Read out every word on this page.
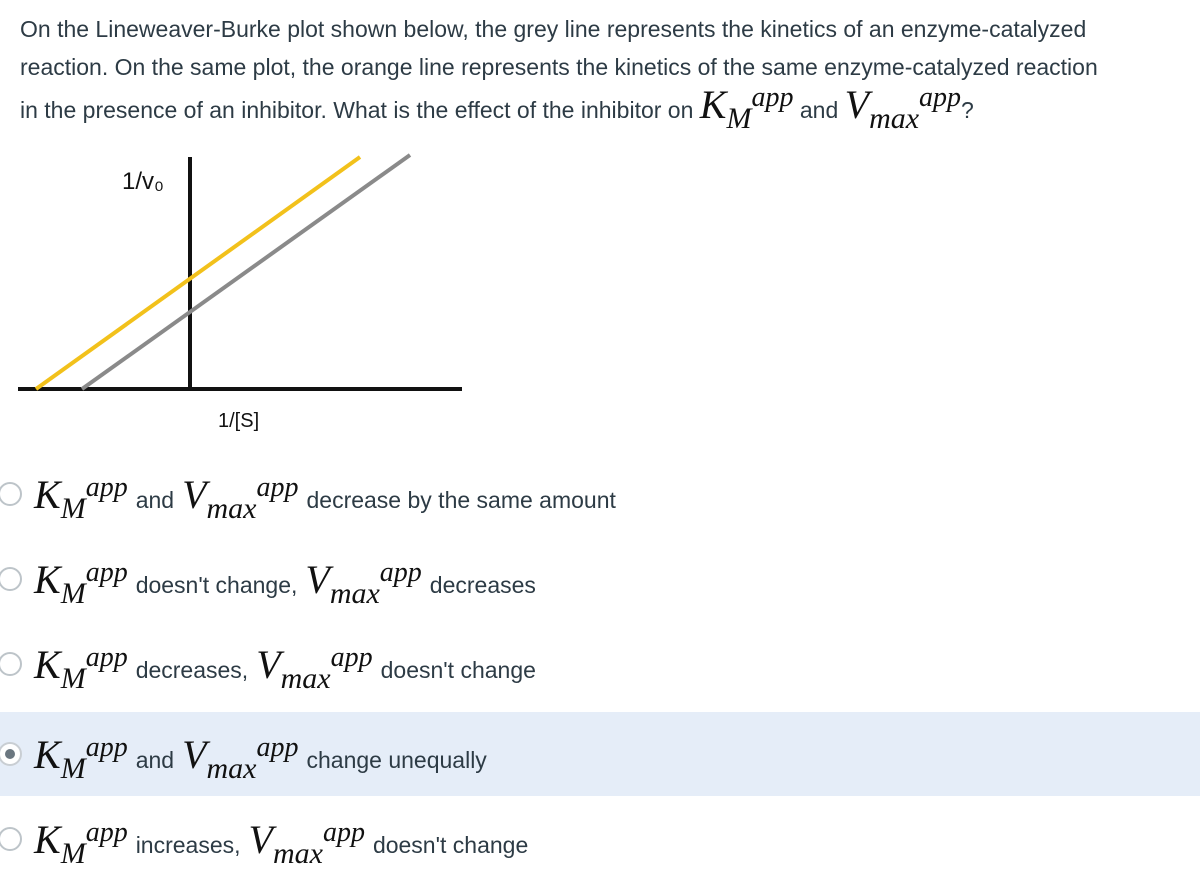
On the Lineweaver-Burke plot shown below, the grey line represents the kinetics of an enzyme-catalyzed
reaction. On the same plot, the orange line represents the kinetics of the same enzyme-catalyzed reaction
in the presence of an inhibitor. What is the effect of the inhibitor on $K_M^{app}$ and $V_{max}^{app}$?
1/v₀
1/[S]
$K_M^{app}$ and $V_{max}^{app}$ decrease by the same amount
$K_M^{app}$ doesn't change, $V_{max}^{app}$ decreases
$K_M^{app}$ decreases, $V_{max}^{app}$ doesn't change
$K_M^{app}$ and $V_{max}^{app}$ change unequally
$K_M^{app}$ increases, $V_{max}^{app}$ doesn't change
